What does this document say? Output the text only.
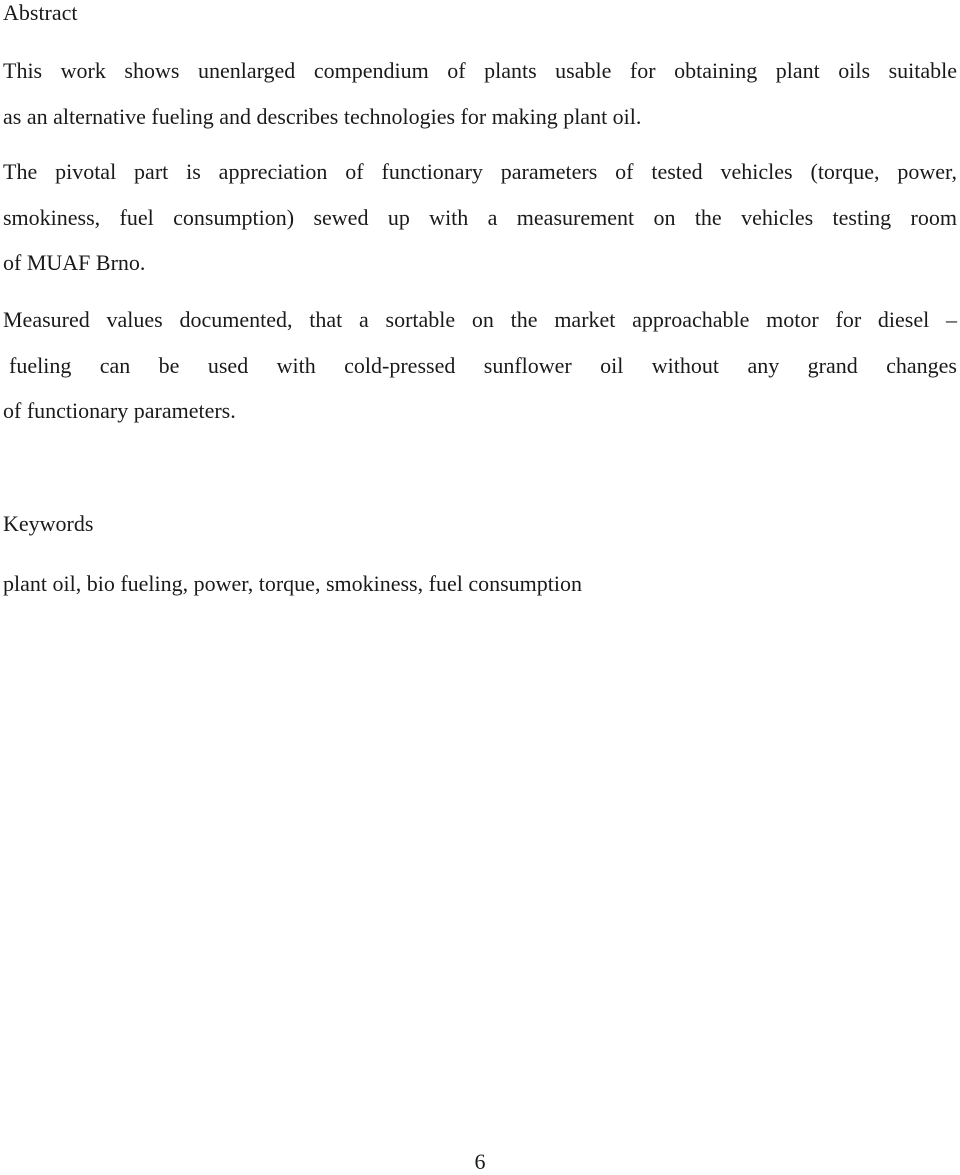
Abstract

This work shows unenlarged compendium of plants usable for obtaining plant oils suitable
as an alternative fueling and describes technologies for making plant oil.

The pivotal part is appreciation of functionary parameters of tested vehicles (torque, power,
smokiness, fuel consumption) sewed up with a measurement on the vehicles testing room
of MUAF Brno.

Measured values documented, that a sortable on the market approachable motor for diesel –
fueling can be used with cold-pressed sunflower oil without any grand changes
of functionary parameters.

Keywords

plant oil, bio fueling, power, torque, smokiness, fuel consumption

6
